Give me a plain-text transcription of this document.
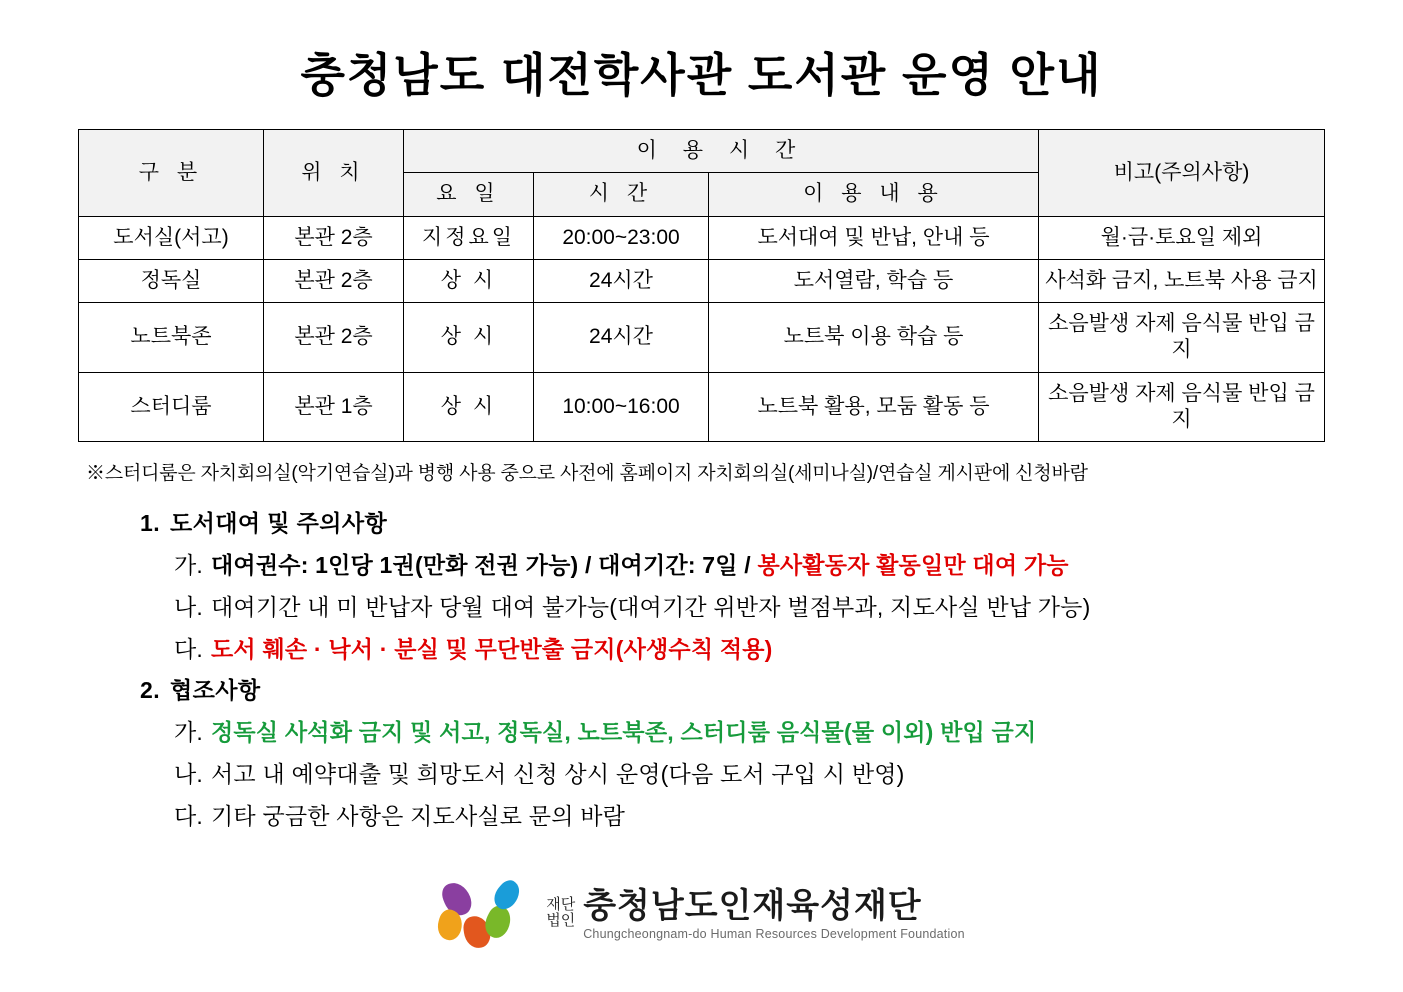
충청남도 대전학사관 도서관 운영 안내
구 분	위 치	이 용 시 간			비고(주의사항)
		요 일	시 간	이 용 내 용	
도서실(서고)	본관 2층	지정요일	20:00~23:00	도서대여 및 반납, 안내 등	월·금·토요일 제외
정독실	본관 2층	상 시	24시간	도서열람, 학습 등	사석화 금지, 노트북 사용 금지
노트북존	본관 2층	상 시	24시간	노트북 이용 학습 등	소음발생 자제 음식물 반입 금지
스터디룸	본관 1층	상 시	10:00~16:00	노트북 활용, 모둠 활동 등	소음발생 자제 음식물 반입 금지
※스터디룸은 자치회의실(악기연습실)과 병행 사용 중으로 사전에 홈페이지 자치회의실(세미나실)/연습실 게시판에 신청바람
1. 도서대여 및 주의사항
가. 대여권수: 1인당 1권(만화 전권 가능) / 대여기간: 7일 / 봉사활동자 활동일만 대여 가능
나. 대여기간 내 미 반납자 당월 대여 불가능(대여기간 위반자 벌점부과, 지도사실 반납 가능)
다. 도서 훼손 · 낙서 · 분실 및 무단반출 금지(사생수칙 적용)
2. 협조사항
가. 정독실 사석화 금지 및 서고, 정독실, 노트북존, 스터디룸 음식물(물 이외) 반입 금지
나. 서고 내 예약대출 및 희망도서 신청 상시 운영(다음 도서 구입 시 반영)
다. 기타 궁금한 사항은 지도사실로 문의 바람
재단
법인 충청남도인재육성재단
Chungcheongnam-do Human Resources Development Foundation
